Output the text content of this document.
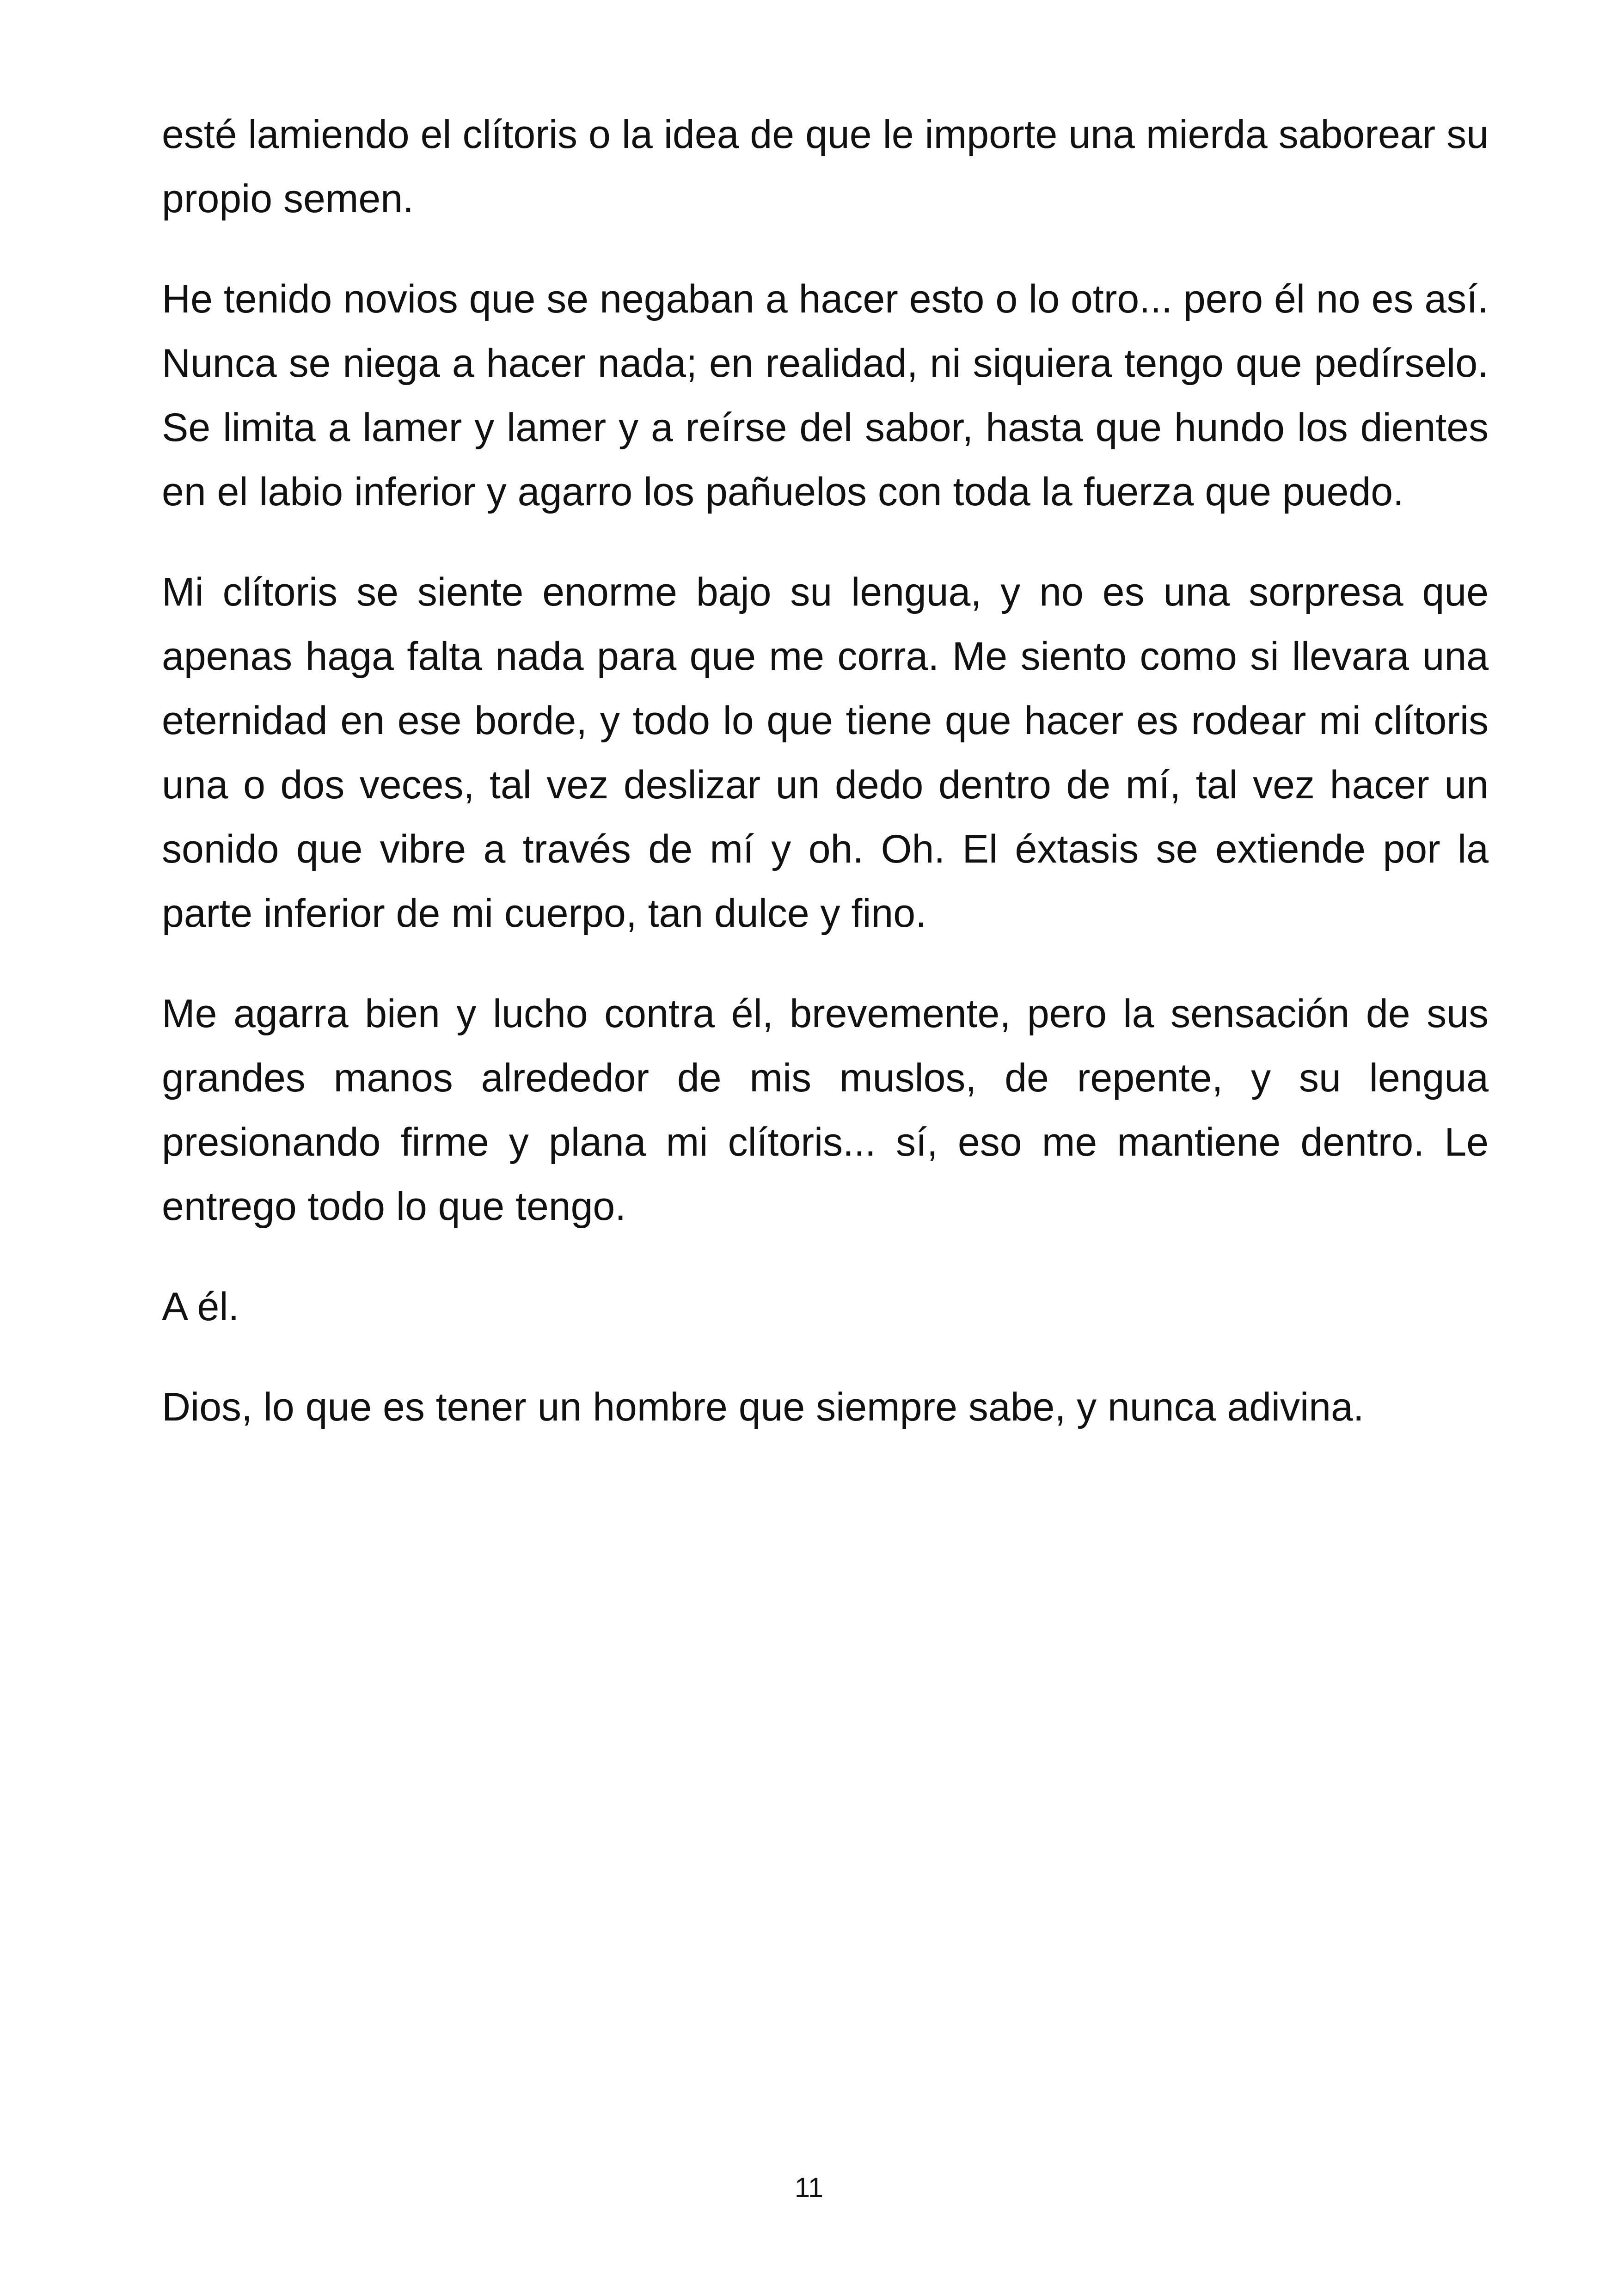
esté lamiendo el clítoris o la idea de que le importe una mierda saborear su propio semen.

He tenido novios que se negaban a hacer esto o lo otro... pero él no es así. Nunca se niega a hacer nada; en realidad, ni siquiera tengo que pedírselo. Se limita a lamer y lamer y a reírse del sabor, hasta que hundo los dientes en el labio inferior y agarro los pañuelos con toda la fuerza que puedo.

Mi clítoris se siente enorme bajo su lengua, y no es una sorpresa que apenas haga falta nada para que me corra. Me siento como si llevara una eternidad en ese borde, y todo lo que tiene que hacer es rodear mi clítoris una o dos veces, tal vez deslizar un dedo dentro de mí, tal vez hacer un sonido que vibre a través de mí y oh. Oh. El éxtasis se extiende por la parte inferior de mi cuerpo, tan dulce y fino.

Me agarra bien y lucho contra él, brevemente, pero la sensación de sus grandes manos alrededor de mis muslos, de repente, y su lengua presionando firme y plana mi clítoris... sí, eso me mantiene dentro. Le entrego todo lo que tengo.

A él.

Dios, lo que es tener un hombre que siempre sabe, y nunca adivina.

11
